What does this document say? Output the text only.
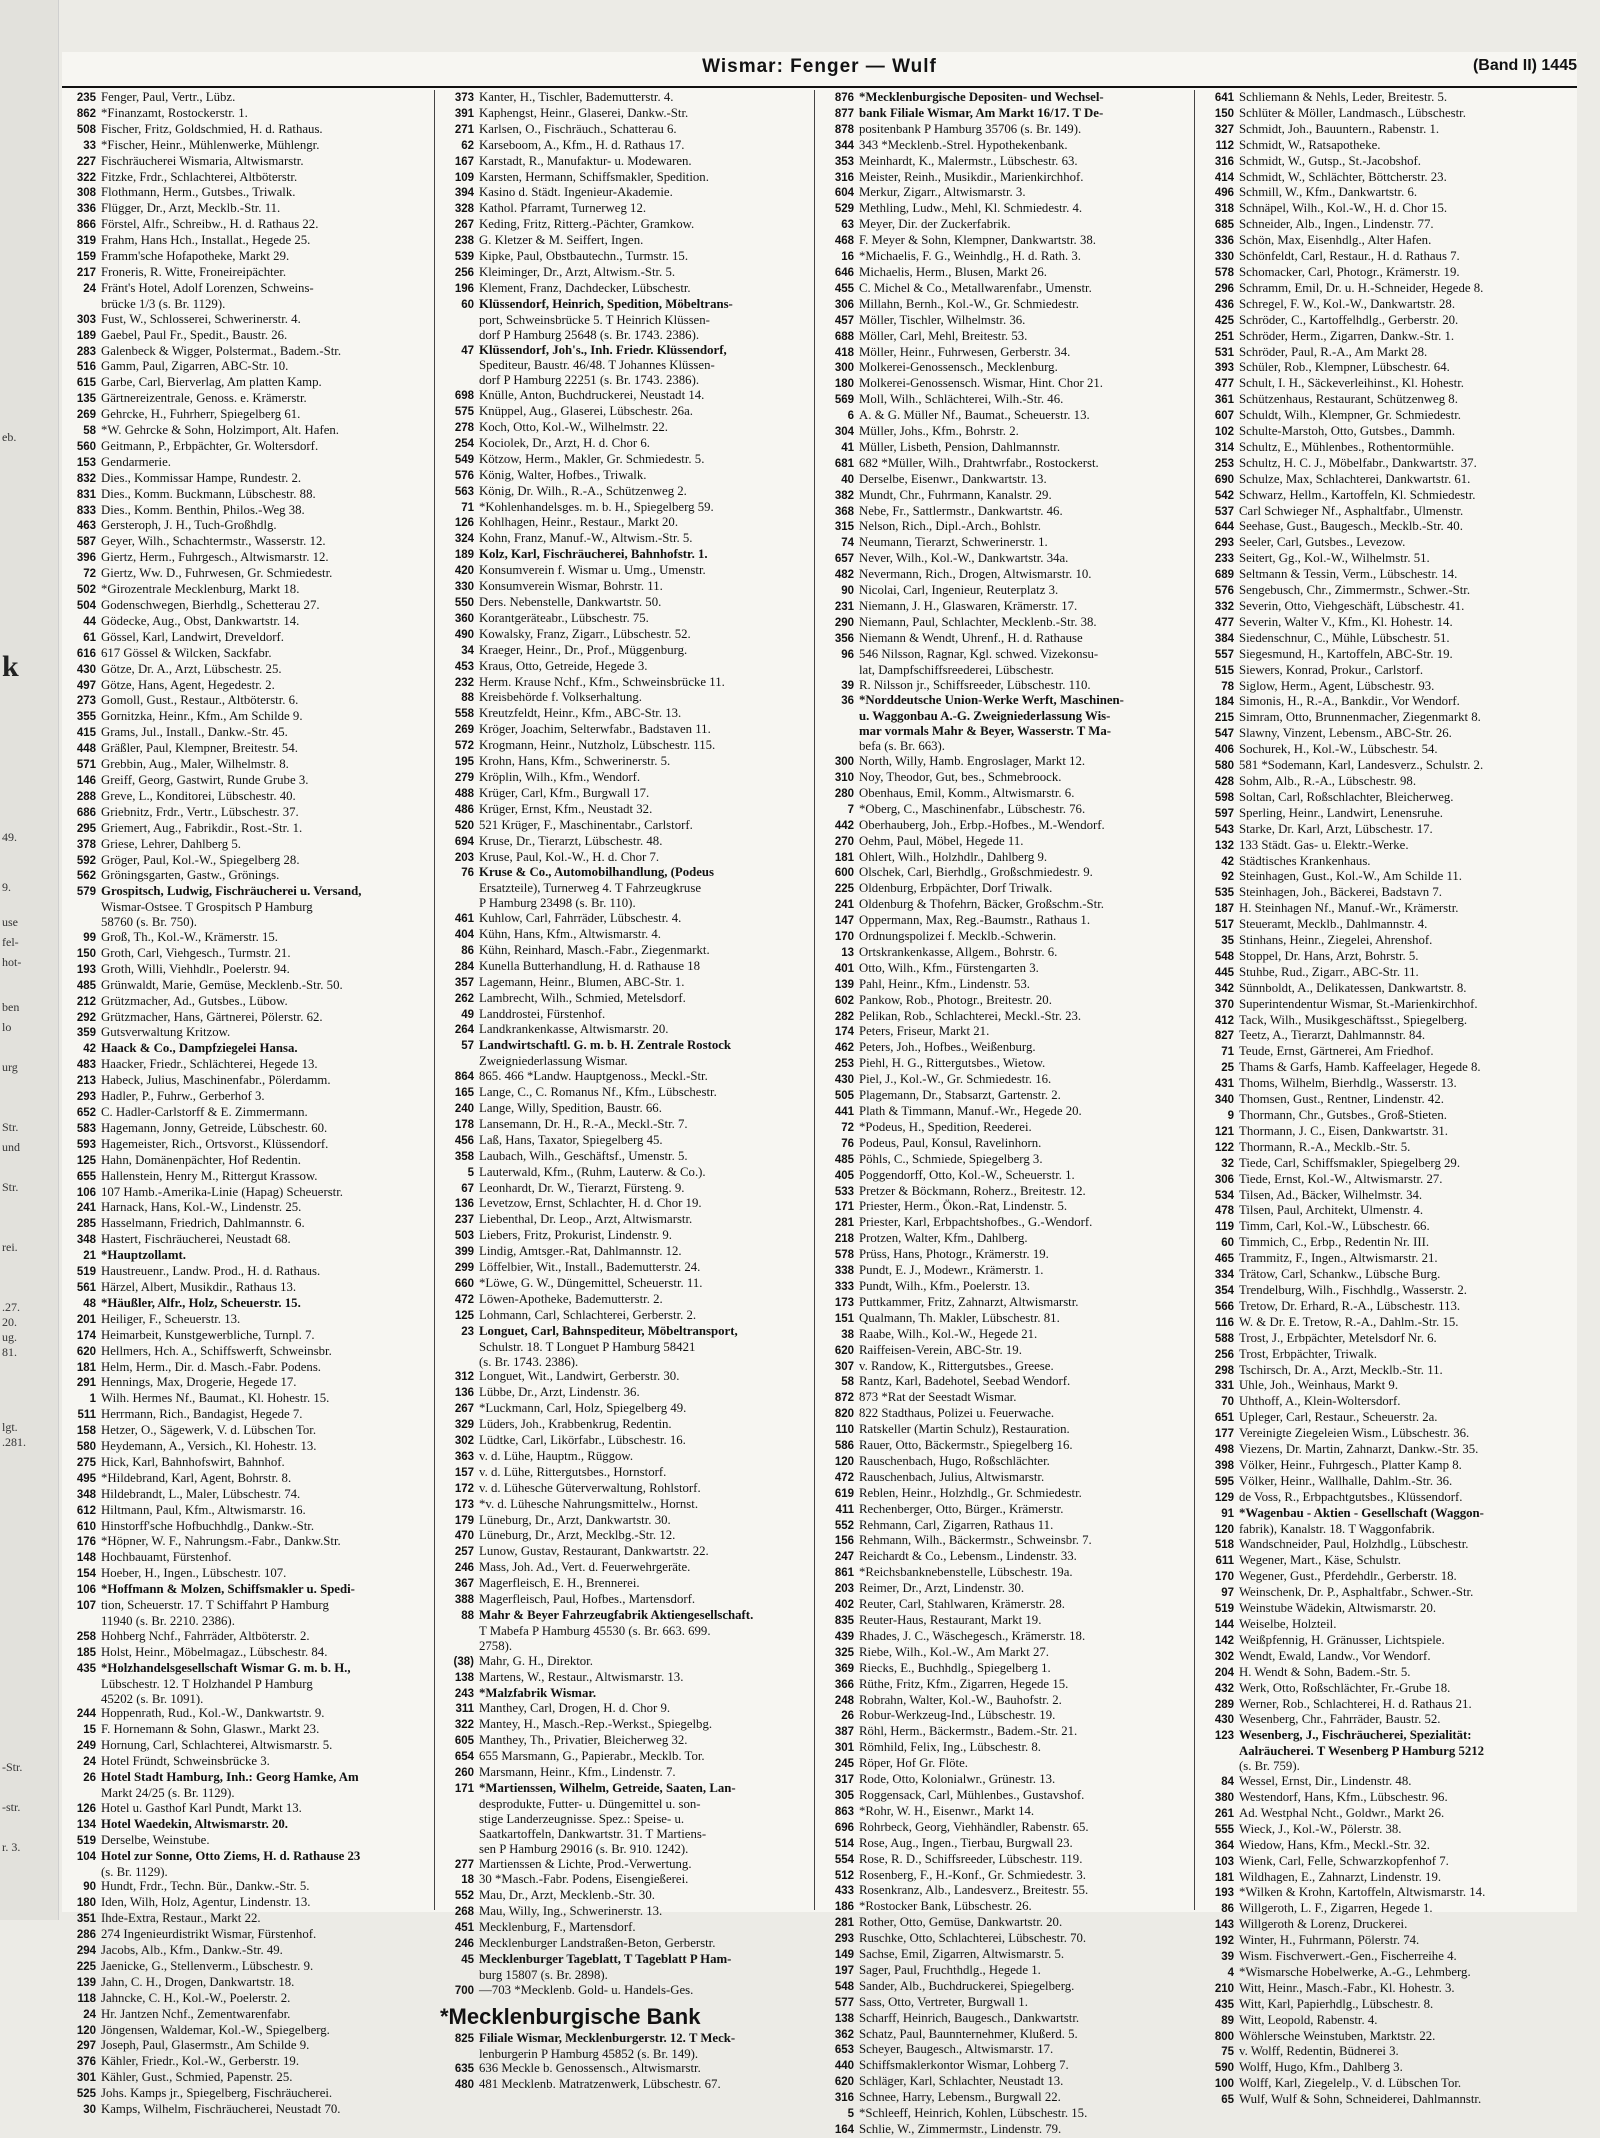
eb.
k
49.
9.
use
fel-
hot-
ben
lo
urg
Str.
und
Str.
rei.
.27.
20.
ug.
81.
lgt.
.281.
-Str.
-str.
r. 3.
Wismar: Fenger — Wulf	(Band II) 1445
235 Fenger, Paul, Vertr., Lübz.
862 *Finanzamt, Rostockerstr. 1.
508 Fischer, Fritz, Goldschmied, H. d. Rathaus.
33 *Fischer, Heinr., Mühlenwerke, Mühlengr.
227 Fischräucherei Wismaria, Altwismarstr.
322 Fitzke, Frdr., Schlachterei, Altböterstr.
308 Flothmann, Herm., Gutsbes., Triwalk.
336 Flügger, Dr., Arzt, Mecklb.-Str. 11.
866 Förstel, Alfr., Schreibw., H. d. Rathaus 22.
319 Frahm, Hans Hch., Installat., Hegede 25.
159 Framm'sche Hofapotheke, Markt 29.
217 Froneris, R. Witte, Froneireipächter.
24 Fränt's Hotel, Adolf Lorenzen, Schweins-
brücke 1/3 (s. Br. 1129).
303 Fust, W., Schlosserei, Schwerinerstr. 4.
189 Gaebel, Paul Fr., Spedit., Baustr. 26.
283 Galenbeck & Wigger, Polstermat., Badem.-Str.
516 Gamm, Paul, Zigarren, ABC-Str. 10.
615 Garbe, Carl, Bierverlag, Am platten Kamp.
135 Gärtnereizentrale, Genoss. e. Krämerstr.
269 Gehrcke, H., Fuhrherr, Spiegelberg 61.
58 *W. Gehrcke & Sohn, Holzimport, Alt. Hafen.
560 Geitmann, P., Erbpächter, Gr. Woltersdorf.
153 Gendarmerie.
832 Dies., Kommissar Hampe, Rundestr. 2.
831 Dies., Komm. Buckmann, Lübschestr. 88.
833 Dies., Komm. Benthin, Philos.-Weg 38.
463 Gersteroph, J. H., Tuch-Großhdlg.
587 Geyer, Wilh., Schachtermstr., Wasserstr. 12.
396 Giertz, Herm., Fuhrgesch., Altwismarstr. 12.
72 Giertz, Ww. D., Fuhrwesen, Gr. Schmiedestr.
502 *Girozentrale Mecklenburg, Markt 18.
504 Godenschwegen, Bierhdlg., Schetterau 27.
44 Gödecke, Aug., Obst, Dankwartstr. 14.
61 Gössel, Karl, Landwirt, Dreveldorf.
616 617 Gössel & Wilcken, Sackfabr.
430 Götze, Dr. A., Arzt, Lübschestr. 25.
497 Götze, Hans, Agent, Hegedestr. 2.
273 Gomoll, Gust., Restaur., Altböterstr. 6.
355 Gornitzka, Heinr., Kfm., Am Schilde 9.
415 Grams, Jul., Install., Dankw.-Str. 45.
448 Gräßler, Paul, Klempner, Breitestr. 54.
571 Grebbin, Aug., Maler, Wilhelmstr. 8.
146 Greiff, Georg, Gastwirt, Runde Grube 3.
288 Greve, L., Konditorei, Lübschestr. 40.
686 Griebnitz, Frdr., Vertr., Lübschestr. 37.
295 Griemert, Aug., Fabrikdir., Rost.-Str. 1.
378 Griese, Lehrer, Dahlberg 5.
592 Gröger, Paul, Kol.-W., Spiegelberg 28.
562 Gröningsgarten, Gastw., Grönings.
579 Grospitsch, Ludwig, Fischräucherei u. Versand,
Wismar-Ostsee. T Grospitsch P Hamburg
58760 (s. Br. 750).
99 Groß, Th., Kol.-W., Krämerstr. 15.
150 Groth, Carl, Viehgesch., Turmstr. 21.
193 Groth, Willi, Viehhdlr., Poelerstr. 94.
485 Grünwaldt, Marie, Gemüse, Mecklenb.-Str. 50.
212 Grützmacher, Ad., Gutsbes., Lübow.
292 Grützmacher, Hans, Gärtnerei, Pölerstr. 62.
359 Gutsverwaltung Kritzow.
42 Haack & Co., Dampfziegelei Hansa.
483 Haacker, Friedr., Schlächterei, Hegede 13.
213 Habeck, Julius, Maschinenfabr., Pölerdamm.
293 Hadler, P., Fuhrw., Gerberhof 3.
652 C. Hadler-Carlstorff & E. Zimmermann.
583 Hagemann, Jonny, Getreide, Lübschestr. 60.
593 Hagemeister, Rich., Ortsvorst., Klüssendorf.
125 Hahn, Domänenpächter, Hof Redentin.
655 Hallenstein, Henry M., Rittergut Krassow.
106 107 Hamb.-Amerika-Linie (Hapag) Scheuerstr.
241 Harnack, Hans, Kol.-W., Lindenstr. 25.
285 Hasselmann, Friedrich, Dahlmannstr. 6.
348 Hastert, Fischräucherei, Neustadt 68.
21 *Hauptzollamt.
519 Haustreuenr., Landw. Prod., H. d. Rathaus.
561 Härzel, Albert, Musikdir., Rathaus 13.
48 *Häußler, Alfr., Holz, Scheuerstr. 15.
201 Heiliger, F., Scheuerstr. 13.
174 Heimarbeit, Kunstgewerbliche, Turnpl. 7.
620 Hellmers, Hch. A., Schiffswerft, Schweinsbr.
181 Helm, Herm., Dir. d. Masch.-Fabr. Podens.
291 Hennings, Max, Drogerie, Hegede 17.
1 Wilh. Hermes Nf., Baumat., Kl. Hohestr. 15.
511 Herrmann, Rich., Bandagist, Hegede 7.
158 Hetzer, O., Sägewerk, V. d. Lübschen Tor.
580 Heydemann, A., Versich., Kl. Hohestr. 13.
275 Hick, Karl, Bahnhofswirt, Bahnhof.
495 *Hildebrand, Karl, Agent, Bohrstr. 8.
348 Hildebrandt, L., Maler, Lübschestr. 74.
612 Hiltmann, Paul, Kfm., Altwismarstr. 16.
610 Hinstorff'sche Hofbuchhdlg., Dankw.-Str.
176 *Höpner, W. F., Nahrungsm.-Fabr., Dankw.Str.
148 Hochbauamt, Fürstenhof.
154 Hoeber, H., Ingen., Lübschestr. 107.
106 *Hoffmann & Molzen, Schiffsmakler u. Spedi-
107 tion, Scheuerstr. 17. T Schiffahrt P Hamburg
11940 (s. Br. 2210. 2386).
258 Hohberg Nchf., Fahrräder, Altböterstr. 2.
185 Holst, Heinr., Möbelmagaz., Lübschestr. 84.
435 *Holzhandelsgesellschaft Wismar G. m. b. H.,
Lübschestr. 12. T Holzhandel P Hamburg
45202 (s. Br. 1091).
244 Hoppenrath, Rud., Kol.-W., Dankwartstr. 9.
15 F. Hornemann & Sohn, Glaswr., Markt 23.
249 Hornung, Carl, Schlachterei, Altwismarstr. 5.
24 Hotel Fründt, Schweinsbrücke 3.
26 Hotel Stadt Hamburg, Inh.: Georg Hamke, Am
Markt 24/25 (s. Br. 1129).
126 Hotel u. Gasthof Karl Pundt, Markt 13.
134 Hotel Waedekin, Altwismarstr. 20.
519 Derselbe, Weinstube.
104 Hotel zur Sonne, Otto Ziems, H. d. Rathause 23
(s. Br. 1129).
90 Hundt, Frdr., Techn. Bür., Dankw.-Str. 5.
180 Iden, Wilh, Holz, Agentur, Lindenstr. 13.
351 Ihde-Extra, Restaur., Markt 22.
286 274 Ingenieurdistrikt Wismar, Fürstenhof.
294 Jacobs, Alb., Kfm., Dankw.-Str. 49.
225 Jaenicke, G., Stellenverm., Lübschestr. 9.
139 Jahn, C. H., Drogen, Dankwartstr. 18.
118 Jahncke, C. H., Kol.-W., Poelerstr. 2.
24 Hr. Jantzen Nchf., Zementwarenfabr.
120 Jöngensen, Waldemar, Kol.-W., Spiegelberg.
297 Joseph, Paul, Glasermstr., Am Schilde 9.
376 Kähler, Friedr., Kol.-W., Gerberstr. 19.
301 Kähler, Gust., Schmied, Papenstr. 25.
525 Johs. Kamps jr., Spiegelberg, Fischräucherei.
30 Kamps, Wilhelm, Fischräucherei, Neustadt 70.
373 Kanter, H., Tischler, Bademutterstr. 4.
391 Kaphengst, Heinr., Glaserei, Dankw.-Str.
271 Karlsen, O., Fischräuch., Schatterau 6.
62 Karseboom, A., Kfm., H. d. Rathaus 17.
167 Karstadt, R., Manufaktur- u. Modewaren.
109 Karsten, Hermann, Schiffsmakler, Spedition.
394 Kasino d. Städt. Ingenieur-Akademie.
328 Kathol. Pfarramt, Turnerweg 12.
267 Keding, Fritz, Ritterg.-Pächter, Gramkow.
238 G. Kletzer & M. Seiffert, Ingen.
539 Kipke, Paul, Obstbautechn., Turmstr. 15.
256 Kleiminger, Dr., Arzt, Altwism.-Str. 5.
196 Klement, Franz, Dachdecker, Lübschestr.
60 Klüssendorf, Heinrich, Spedition, Möbeltrans-
port, Schweinsbrücke 5. T Heinrich Klüssen-
dorf P Hamburg 25648 (s. Br. 1743. 2386).
47 Klüssendorf, Joh's., Inh. Friedr. Klüssendorf,
Spediteur, Baustr. 46/48. T Johannes Klüssen-
dorf P Hamburg 22251 (s. Br. 1743. 2386).
698 Knülle, Anton, Buchdruckerei, Neustadt 14.
575 Knüppel, Aug., Glaserei, Lübschestr. 26a.
278 Koch, Otto, Kol.-W., Wilhelmstr. 22.
254 Kociolek, Dr., Arzt, H. d. Chor 6.
549 Kötzow, Herm., Makler, Gr. Schmiedestr. 5.
576 König, Walter, Hofbes., Triwalk.
563 König, Dr. Wilh., R.-A., Schützenweg 2.
71 *Kohlenhandelsges. m. b. H., Spiegelberg 59.
126 Kohlhagen, Heinr., Restaur., Markt 20.
324 Kohn, Franz, Manuf.-W., Altwism.-Str. 5.
189 Kolz, Karl, Fischräucherei, Bahnhofstr. 1.
420 Konsumverein f. Wismar u. Umg., Umenstr.
330 Konsumverein Wismar, Bohrstr. 11.
550 Ders. Nebenstelle, Dankwartstr. 50.
360 Korantgeräteabr., Lübschestr. 75.
490 Kowalsky, Franz, Zigarr., Lübschestr. 52.
34 Kraeger, Heinr., Dr., Prof., Müggenburg.
453 Kraus, Otto, Getreide, Hegede 3.
232 Herm. Krause Nchf., Kfm., Schweinsbrücke 11.
88 Kreisbehörde f. Volkserhaltung.
558 Kreutzfeldt, Heinr., Kfm., ABC-Str. 13.
269 Kröger, Joachim, Selterwfabr., Badstaven 11.
572 Krogmann, Heinr., Nutzholz, Lübschestr. 115.
195 Krohn, Hans, Kfm., Schwerinerstr. 5.
279 Kröplin, Wilh., Kfm., Wendorf.
488 Krüger, Carl, Kfm., Burgwall 17.
486 Krüger, Ernst, Kfm., Neustadt 32.
520 521 Krüger, F., Maschinentabr., Carlstorf.
694 Kruse, Dr., Tierarzt, Lübschestr. 48.
203 Kruse, Paul, Kol.-W., H. d. Chor 7.
76 Kruse & Co., Automobilhandlung, (Podeus
Ersatzteile), Turnerweg 4. T Fahrzeugkruse
P Hamburg 23498 (s. Br. 110).
461 Kuhlow, Carl, Fahrräder, Lübschestr. 4.
404 Kühn, Hans, Kfm., Altwismarstr. 4.
86 Kühn, Reinhard, Masch.-Fabr., Ziegenmarkt.
284 Kunella Butterhandlung, H. d. Rathause 18
357 Lagemann, Heinr., Blumen, ABC-Str. 1.
262 Lambrecht, Wilh., Schmied, Metelsdorf.
49 Landdrostei, Fürstenhof.
264 Landkrankenkasse, Altwismarstr. 20.
57 Landwirtschaftl. G. m. b. H. Zentrale Rostock
Zweigniederlassung Wismar.
864 865. 466 *Landw. Hauptgenoss., Meckl.-Str.
165 Lange, C., C. Romanus Nf., Kfm., Lübschestr.
240 Lange, Willy, Spedition, Baustr. 66.
178 Lansemann, Dr. H., R.-A., Meckl.-Str. 7.
456 Laß, Hans, Taxator, Spiegelberg 45.
358 Laubach, Wilh., Geschäftsf., Umenstr. 5.
5 Lauterwald, Kfm., (Ruhm, Lauterw. & Co.).
67 Leonhardt, Dr. W., Tierarzt, Fürsteng. 9.
136 Levetzow, Ernst, Schlachter, H. d. Chor 19.
237 Liebenthal, Dr. Leop., Arzt, Altwismarstr.
503 Liebers, Fritz, Prokurist, Lindenstr. 9.
399 Lindig, Amtsger.-Rat, Dahlmannstr. 12.
299 Löffelbier, Wit., Install., Bademutterstr. 24.
660 *Löwe, G. W., Düngemittel, Scheuerstr. 11.
472 Löwen-Apotheke, Bademutterstr. 2.
125 Lohmann, Carl, Schlachterei, Gerberstr. 2.
23 Longuet, Carl, Bahnspediteur, Möbeltransport,
Schulstr. 18. T Longuet P Hamburg 58421
(s. Br. 1743. 2386).
312 Longuet, Wit., Landwirt, Gerberstr. 30.
136 Lübbe, Dr., Arzt, Lindenstr. 36.
267 *Luckmann, Carl, Holz, Spiegelberg 49.
329 Lüders, Joh., Krabbenkrug, Redentin.
302 Lüdtke, Carl, Likörfabr., Lübschestr. 16.
363 v. d. Lühe, Hauptm., Rüggow.
157 v. d. Lühe, Rittergutsbes., Hornstorf.
172 v. d. Lühesche Güterverwaltung, Rohlstorf.
173 *v. d. Lühesche Nahrungsmittelw., Hornst.
179 Lüneburg, Dr., Arzt, Dankwartstr. 30.
470 Lüneburg, Dr., Arzt, Mecklbg.-Str. 12.
257 Lunow, Gustav, Restaurant, Dankwartstr. 22.
246 Mass, Joh. Ad., Vert. d. Feuerwehrgeräte.
367 Magerfleisch, E. H., Brennerei.
388 Magerfleisch, Paul, Hofbes., Martensdorf.
88 Mahr & Beyer Fahrzeugfabrik Aktiengesellschaft.
T Mabefa P Hamburg 45530 (s. Br. 663. 699.
2758).
(38) Mahr, G. H., Direktor.
138 Martens, W., Restaur., Altwismarstr. 13.
243 *Malzfabrik Wismar.
311 Manthey, Carl, Drogen, H. d. Chor 9.
322 Mantey, H., Masch.-Rep.-Werkst., Spiegelbg.
605 Manthey, Th., Privatier, Bleicherweg 32.
654 655 Marsmann, G., Papierabr., Mecklb. Tor.
260 Marsmann, Heinr., Kfm., Lindenstr. 7.
171 *Martienssen, Wilhelm, Getreide, Saaten, Lan-
desprodukte, Futter- u. Düngemittel u. son-
stige Landerzeugnisse. Spez.: Speise- u.
Saatkartoffeln, Dankwartstr. 31. T Martiens-
sen P Hamburg 29016 (s. Br. 910. 1242).
277 Martienssen & Lichte, Prod.-Verwertung.
18 30 *Masch.-Fabr. Podens, Eisengießerei.
552 Mau, Dr., Arzt, Mecklenb.-Str. 30.
268 Mau, Willy, Ing., Schwerinerstr. 13.
451 Mecklenburg, F., Martensdorf.
246 Mecklenburger Landstraßen-Beton, Gerberstr.
45 Mecklenburger Tageblatt, T Tageblatt P Ham-
burg 15807 (s. Br. 2898).
700 —703 *Mecklenb. Gold- u. Handels-Ges.
*Mecklenburgische Bank
825 Filiale Wismar, Mecklenburgerstr. 12. T Meck-
lenburgerin P Hamburg 45852 (s. Br. 149).
635 636 Meckle b. Genossensch., Altwismarstr.
480 481 Mecklenb. Matratzenwerk, Lübschestr. 67.
876 *Mecklenburgische Depositen- und Wechsel-
877 bank Filiale Wismar, Am Markt 16/17. T De-
878 positenbank P Hamburg 35706 (s. Br. 149).
344 343 *Mecklenb.-Strel. Hypothekenbank.
353 Meinhardt, K., Malermstr., Lübschestr. 63.
316 Meister, Reinh., Musikdir., Marienkirchhof.
604 Merkur, Zigarr., Altwismarstr. 3.
529 Methling, Ludw., Mehl, Kl. Schmiedestr. 4.
63 Meyer, Dir. der Zuckerfabrik.
468 F. Meyer & Sohn, Klempner, Dankwartstr. 38.
16 *Michaelis, F. G., Weinhdlg., H. d. Rath. 3.
646 Michaelis, Herm., Blusen, Markt 26.
455 C. Michel & Co., Metallwarenfabr., Umenstr.
306 Millahn, Bernh., Kol.-W., Gr. Schmiedestr.
457 Möller, Tischler, Wilhelmstr. 36.
688 Möller, Carl, Mehl, Breitestr. 53.
418 Möller, Heinr., Fuhrwesen, Gerberstr. 34.
300 Molkerei-Genossensch., Mecklenburg.
180 Molkerei-Genossensch. Wismar, Hint. Chor 21.
569 Moll, Wilh., Schlächterei, Wilh.-Str. 46.
6 A. & G. Müller Nf., Baumat., Scheuerstr. 13.
304 Müller, Johs., Kfm., Bohrstr. 2.
41 Müller, Lisbeth, Pension, Dahlmannstr.
681 682 *Müller, Wilh., Drahtwrfabr., Rostockerst.
40 Derselbe, Eisenwr., Dankwartstr. 13.
382 Mundt, Chr., Fuhrmann, Kanalstr. 29.
368 Nebe, Fr., Sattlermstr., Dankwartstr. 46.
315 Nelson, Rich., Dipl.-Arch., Bohlstr.
74 Neumann, Tierarzt, Schwerinerstr. 1.
657 Never, Wilh., Kol.-W., Dankwartstr. 34a.
482 Nevermann, Rich., Drogen, Altwismarstr. 10.
90 Nicolai, Carl, Ingenieur, Reuterplatz 3.
231 Niemann, J. H., Glaswaren, Krämerstr. 17.
290 Niemann, Paul, Schlachter, Mecklenb.-Str. 38.
356 Niemann & Wendt, Uhrenf., H. d. Rathause
96 546 Nilsson, Ragnar, Kgl. schwed. Vizekonsu-
lat, Dampfschiffsreederei, Lübschestr.
39 R. Nilsson jr., Schiffsreeder, Lübschestr. 110.
36 *Norddeutsche Union-Werke Werft, Maschinen-
u. Waggonbau A.-G. Zweigniederlassung Wis-
mar vormals Mahr & Beyer, Wasserstr. T Ma-
befa (s. Br. 663).
300 North, Willy, Hamb. Engroslager, Markt 12.
310 Noy, Theodor, Gut, bes., Schmebroock.
280 Obenhaus, Emil, Komm., Altwismarstr. 6.
7 *Oberg, C., Maschinenfabr., Lübschestr. 76.
442 Oberhauberg, Joh., Erbp.-Hofbes., M.-Wendorf.
270 Oehm, Paul, Möbel, Hegede 11.
181 Ohlert, Wilh., Holzhdlr., Dahlberg 9.
600 Olschek, Carl, Bierhdlg., Großschmiedestr. 9.
225 Oldenburg, Erbpächter, Dorf Triwalk.
241 Oldenburg & Thofehrn, Bäcker, Großschm.-Str.
147 Oppermann, Max, Reg.-Baumstr., Rathaus 1.
170 Ordnungspolizei f. Mecklb.-Schwerin.
13 Ortskrankenkasse, Allgem., Bohrstr. 6.
401 Otto, Wilh., Kfm., Fürstengarten 3.
139 Pahl, Heinr., Kfm., Lindenstr. 53.
602 Pankow, Rob., Photogr., Breitestr. 20.
282 Pelikan, Rob., Schlachterei, Meckl.-Str. 23.
174 Peters, Friseur, Markt 21.
462 Peters, Joh., Hofbes., Weißenburg.
253 Piehl, H. G., Rittergutsbes., Wietow.
430 Piel, J., Kol.-W., Gr. Schmiedestr. 16.
505 Plagemann, Dr., Stabsarzt, Gartenstr. 2.
441 Plath & Timmann, Manuf.-Wr., Hegede 20.
72 *Podeus, H., Spedition, Reederei.
76 Podeus, Paul, Konsul, Ravelinhorn.
485 Pöhls, C., Schmiede, Spiegelberg 3.
405 Poggendorff, Otto, Kol.-W., Scheuerstr. 1.
533 Pretzer & Böckmann, Roherz., Breitestr. 12.
171 Priester, Herm., Ökon.-Rat, Lindenstr. 5.
281 Priester, Karl, Erbpachtshofbes., G.-Wendorf.
218 Protzen, Walter, Kfm., Dahlberg.
578 Prüss, Hans, Photogr., Krämerstr. 19.
338 Pundt, E. J., Modewr., Krämerstr. 1.
333 Pundt, Wilh., Kfm., Poelerstr. 13.
173 Puttkammer, Fritz, Zahnarzt, Altwismarstr.
151 Qualmann, Th. Makler, Lübschestr. 81.
38 Raabe, Wilh., Kol.-W., Hegede 21.
620 Raiffeisen-Verein, ABC-Str. 19.
307 v. Randow, K., Rittergutsbes., Greese.
58 Rantz, Karl, Badehotel, Seebad Wendorf.
872 873 *Rat der Seestadt Wismar.
820 822 Stadthaus, Polizei u. Feuerwache.
110 Ratskeller (Martin Schulz), Restauration.
586 Rauer, Otto, Bäckermstr., Spiegelberg 16.
120 Rauschenbach, Hugo, Roßschlächter.
472 Rauschenbach, Julius, Altwismarstr.
619 Reblen, Heinr., Holzhdlg., Gr. Schmiedestr.
411 Rechenberger, Otto, Bürger., Krämerstr.
552 Rehmann, Carl, Zigarren, Rathaus 11.
156 Rehmann, Wilh., Bäckermstr., Schweinsbr. 7.
247 Reichardt & Co., Lebensm., Lindenstr. 33.
861 *Reichsbanknebenstelle, Lübschestr. 19a.
203 Reimer, Dr., Arzt, Lindenstr. 30.
402 Reuter, Carl, Stahlwaren, Krämerstr. 28.
835 Reuter-Haus, Restaurant, Markt 19.
439 Rhades, J. C., Wäschegesch., Krämerstr. 18.
325 Riebe, Wilh., Kol.-W., Am Markt 27.
369 Riecks, E., Buchhdlg., Spiegelberg 1.
366 Rüthe, Fritz, Kfm., Zigarren, Hegede 15.
248 Robrahn, Walter, Kol.-W., Bauhofstr. 2.
26 Robur-Werkzeug-Ind., Lübschestr. 19.
387 Röhl, Herm., Bäckermstr., Badem.-Str. 21.
301 Römhild, Felix, Ing., Lübschestr. 8.
245 Röper, Hof Gr. Flöte.
317 Rode, Otto, Kolonialwr., Grünestr. 13.
305 Roggensack, Carl, Mühlenbes., Gustavshof.
863 *Rohr, W. H., Eisenwr., Markt 14.
696 Rohrbeck, Georg, Viehhändler, Rabenstr. 65.
514 Rose, Aug., Ingen., Tierbau, Burgwall 23.
554 Rose, R. D., Schiffsreeder, Lübschestr. 119.
512 Rosenberg, F., H.-Konf., Gr. Schmiedestr. 3.
433 Rosenkranz, Alb., Landesverz., Breitestr. 55.
186 *Rostocker Bank, Lübschestr. 26.
281 Rother, Otto, Gemüse, Dankwartstr. 20.
293 Ruschke, Otto, Schlachterei, Lübschestr. 70.
149 Sachse, Emil, Zigarren, Altwismarstr. 5.
197 Sager, Paul, Fruchthdlg., Hegede 1.
548 Sander, Alb., Buchdruckerei, Spiegelberg.
577 Sass, Otto, Vertreter, Burgwall 1.
138 Scharff, Heinrich, Baugesch., Dankwartstr.
362 Schatz, Paul, Baunnternehmer, Klußerd. 5.
653 Scheyer, Baugesch., Altwismarstr. 17.
440 Schiffsmaklerkontor Wismar, Lohberg 7.
620 Schläger, Karl, Schlachter, Neustadt 13.
316 Schnee, Harry, Lebensm., Burgwall 22.
5 *Schleeff, Heinrich, Kohlen, Lübschestr. 15.
164 Schlie, W., Zimmermstr., Lindenstr. 79.
641 Schliemann & Nehls, Leder, Breitestr. 5.
150 Schlüter & Möller, Landmasch., Lübschestr.
327 Schmidt, Joh., Bauuntern., Rabenstr. 1.
112 Schmidt, W., Ratsapotheke.
316 Schmidt, W., Gutsp., St.-Jacobshof.
414 Schmidt, W., Schlächter, Böttcherstr. 23.
496 Schmill, W., Kfm., Dankwartstr. 6.
318 Schnäpel, Wilh., Kol.-W., H. d. Chor 15.
685 Schneider, Alb., Ingen., Lindenstr. 77.
336 Schön, Max, Eisenhdlg., Alter Hafen.
330 Schönfeldt, Carl, Restaur., H. d. Rathaus 7.
578 Schomacker, Carl, Photogr., Krämerstr. 19.
296 Schramm, Emil, Dr. u. H.-Schneider, Hegede 8.
436 Schregel, F. W., Kol.-W., Dankwartstr. 28.
425 Schröder, C., Kartoffelhdlg., Gerberstr. 20.
251 Schröder, Herm., Zigarren, Dankw.-Str. 1.
531 Schröder, Paul, R.-A., Am Markt 28.
393 Schüler, Rob., Klempner, Lübschestr. 64.
477 Schult, I. H., Säckeverleihinst., Kl. Hohestr.
361 Schützenhaus, Restaurant, Schützenweg 8.
607 Schuldt, Wilh., Klempner, Gr. Schmiedestr.
102 Schulte-Marstoh, Otto, Gutsbes., Dammh.
314 Schultz, E., Mühlenbes., Rothentormühle.
253 Schultz, H. C. J., Möbelfabr., Dankwartstr. 37.
690 Schulze, Max, Schlachterei, Dankwartstr. 61.
542 Schwarz, Hellm., Kartoffeln, Kl. Schmiedestr.
537 Carl Schwieger Nf., Asphaltfabr., Ulmenstr.
644 Seehase, Gust., Baugesch., Mecklb.-Str. 40.
293 Seeler, Carl, Gutsbes., Levezow.
233 Seitert, Gg., Kol.-W., Wilhelmstr. 51.
689 Seltmann & Tessin, Verm., Lübschestr. 14.
576 Sengebusch, Chr., Zimmermstr., Schwer.-Str.
332 Severin, Otto, Viehgeschäft, Lübschestr. 41.
477 Severin, Walter V., Kfm., Kl. Hohestr. 14.
384 Siedenschnur, C., Mühle, Lübschestr. 51.
557 Siegesmund, H., Kartoffeln, ABC-Str. 19.
515 Siewers, Konrad, Prokur., Carlstorf.
78 Siglow, Herm., Agent, Lübschestr. 93.
184 Simonis, H., R.-A., Bankdir., Vor Wendorf.
215 Simram, Otto, Brunnenmacher, Ziegenmarkt 8.
547 Slawny, Vinzent, Lebensm., ABC-Str. 26.
406 Sochurek, H., Kol.-W., Lübschestr. 54.
580 581 *Sodemann, Karl, Landesverz., Schulstr. 2.
428 Sohm, Alb., R.-A., Lübschestr. 98.
598 Soltan, Carl, Roßschlachter, Bleicherweg.
597 Sperling, Heinr., Landwirt, Lenensruhe.
543 Starke, Dr. Karl, Arzt, Lübschestr. 17.
132 133 Städt. Gas- u. Elektr.-Werke.
42 Städtisches Krankenhaus.
92 Steinhagen, Gust., Kol.-W., Am Schilde 11.
535 Steinhagen, Joh., Bäckerei, Badstavn 7.
187 H. Steinhagen Nf., Manuf.-Wr., Krämerstr.
517 Steueramt, Mecklb., Dahlmannstr. 4.
35 Stinhans, Heinr., Ziegelei, Ahrenshof.
548 Stoppel, Dr. Hans, Arzt, Bohrstr. 5.
445 Stuhbe, Rud., Zigarr., ABC-Str. 11.
342 Sünnboldt, A., Delikatessen, Dankwartstr. 8.
370 Superintendentur Wismar, St.-Marienkirchhof.
412 Tack, Wilh., Musikgeschäftsst., Spiegelberg.
827 Teetz, A., Tierarzt, Dahlmannstr. 84.
71 Teude, Ernst, Gärtnerei, Am Friedhof.
25 Thams & Garfs, Hamb. Kaffeelager, Hegede 8.
431 Thoms, Wilhelm, Bierhdlg., Wasserstr. 13.
340 Thomsen, Gust., Rentner, Lindenstr. 42.
9 Thormann, Chr., Gutsbes., Groß-Stieten.
121 Thormann, J. C., Eisen, Dankwartstr. 31.
122 Thormann, R.-A., Mecklb.-Str. 5.
32 Tiede, Carl, Schiffsmakler, Spiegelberg 29.
306 Tiede, Ernst, Kol.-W., Altwismarstr. 27.
534 Tilsen, Ad., Bäcker, Wilhelmstr. 34.
478 Tilsen, Paul, Architekt, Ulmenstr. 4.
119 Timm, Carl, Kol.-W., Lübschestr. 66.
60 Timmich, C., Erbp., Redentin Nr. III.
465 Trammitz, F., Ingen., Altwismarstr. 21.
334 Trätow, Carl, Schankw., Lübsche Burg.
354 Trendelburg, Wilh., Fischhdlg., Wasserstr. 2.
566 Tretow, Dr. Erhard, R.-A., Lübschestr. 113.
116 W. & Dr. E. Tretow, R.-A., Dahlm.-Str. 15.
588 Trost, J., Erbpächter, Metelsdorf Nr. 6.
256 Trost, Erbpächter, Triwalk.
298 Tschirsch, Dr. A., Arzt, Mecklb.-Str. 11.
331 Uhle, Joh., Weinhaus, Markt 9.
70 Uhthoff, A., Klein-Woltersdorf.
651 Upleger, Carl, Restaur., Scheuerstr. 2a.
177 Vereinigte Ziegeleien Wism., Lübschestr. 36.
498 Viezens, Dr. Martin, Zahnarzt, Dankw.-Str. 35.
398 Völker, Heinr., Fuhrgesch., Platter Kamp 8.
595 Völker, Heinr., Wallhalle, Dahlm.-Str. 36.
129 de Voss, R., Erbpachtgutsbes., Klüssendorf.
91 *Wagenbau - Aktien - Gesellschaft (Waggon-
120 fabrik), Kanalstr. 18. T Waggonfabrik.
518 Wandschneider, Paul, Holzhdlg., Lübschestr.
611 Wegener, Mart., Käse, Schulstr.
170 Wegener, Gust., Pferdehdlr., Gerberstr. 18.
97 Weinschenk, Dr. P., Asphaltfabr., Schwer.-Str.
519 Weinstube Wädekin, Altwismarstr. 20.
144 Weiselbe, Holzteil.
142 Weißpfennig, H. Gränusser, Lichtspiele.
302 Wendt, Ewald, Landw., Vor Wendorf.
204 H. Wendt & Sohn, Badem.-Str. 5.
432 Werk, Otto, Roßschlächter, Fr.-Grube 18.
289 Werner, Rob., Schlachterei, H. d. Rathaus 21.
430 Wesenberg, Chr., Fahrräder, Baustr. 52.
123 Wesenberg, J., Fischräucherei, Spezialität:
Aalräucherei. T Wesenberg P Hamburg 5212
(s. Br. 759).
84 Wessel, Ernst, Dir., Lindenstr. 48.
380 Westendorf, Hans, Kfm., Lübschestr. 96.
261 Ad. Westphal Ncht., Goldwr., Markt 26.
555 Wieck, J., Kol.-W., Pölerstr. 38.
364 Wiedow, Hans, Kfm., Meckl.-Str. 32.
103 Wienk, Carl, Felle, Schwarzkopfenhof 7.
181 Wildhagen, E., Zahnarzt, Lindenstr. 19.
193 *Wilken & Krohn, Kartoffeln, Altwismarstr. 14.
86 Willgeroth, L. F., Zigarren, Hegede 1.
143 Willgeroth & Lorenz, Druckerei.
192 Winter, H., Fuhrmann, Pölerstr. 74.
39 Wism. Fischverwert.-Gen., Fischerreihe 4.
4 *Wismarsche Hobelwerke, A.-G., Lehmberg.
210 Witt, Heinr., Masch.-Fabr., Kl. Hohestr. 3.
435 Witt, Karl, Papierhdlg., Lübschestr. 8.
89 Witt, Leopold, Rabenstr. 4.
800 Wöhlersche Weinstuben, Marktstr. 22.
75 v. Wolff, Redentin, Büdnerei 3.
590 Wolff, Hugo, Kfm., Dahlberg 3.
100 Wolff, Karl, Ziegelelp., V. d. Lübschen Tor.
65 Wulf, Wulf & Sohn, Schneiderei, Dahlmannstr.
